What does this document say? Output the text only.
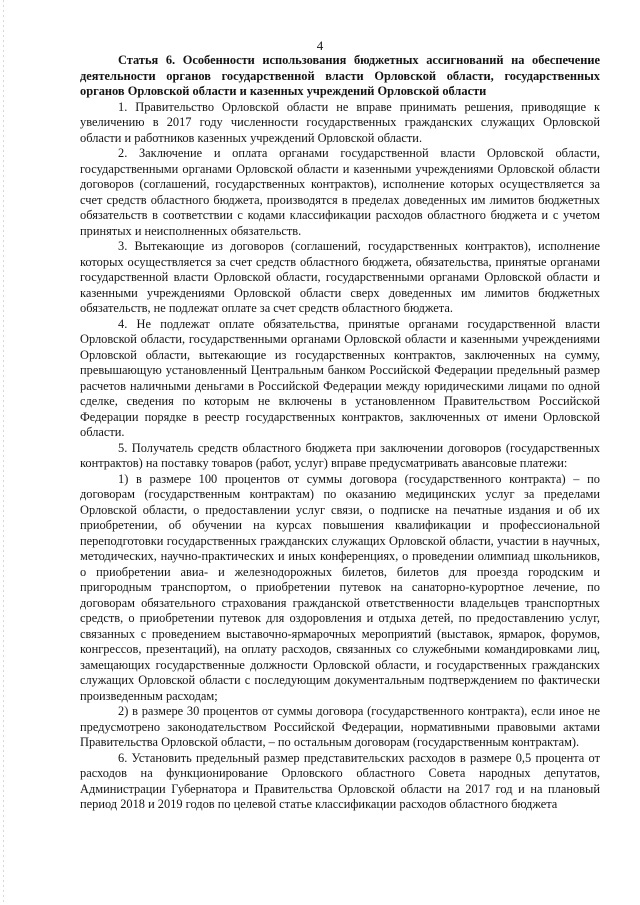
4

Статья 6. Особенности использования бюджетных ассигнований на обеспечение деятельности органов государственной власти Орловской области, государственных органов Орловской области и казенных учреждений Орловской области

1. Правительство Орловской области не вправе принимать решения, приводящие к увеличению в 2017 году численности государственных гражданских служащих Орловской области и работников казенных учреждений Орловской области.

2. Заключение и оплата органами государственной власти Орловской области, государственными органами Орловской области и казенными учреждениями Орловской области договоров (соглашений, государственных контрактов), исполнение которых осуществляется за счет средств областного бюджета, производятся в пределах доведенных им лимитов бюджетных обязательств в соответствии с кодами классификации расходов областного бюджета и с учетом принятых и неисполненных обязательств.

3. Вытекающие из договоров (соглашений, государственных контрактов), исполнение которых осуществляется за счет средств областного бюджета, обязательства, принятые органами государственной власти Орловской области, государственными органами Орловской области и казенными учреждениями Орловской области сверх доведенных им лимитов бюджетных обязательств, не подлежат оплате за счет средств областного бюджета.

4. Не подлежат оплате обязательства, принятые органами государственной власти Орловской области, государственными органами Орловской области и казенными учреждениями Орловской области, вытекающие из государственных контрактов, заключенных на сумму, превышающую установленный Центральным банком Российской Федерации предельный размер расчетов наличными деньгами в Российской Федерации между юридическими лицами по одной сделке, сведения по которым не включены в установленном Правительством Российской Федерации порядке в реестр государственных контрактов, заключенных от имени Орловской области.

5. Получатель средств областного бюджета при заключении договоров (государственных контрактов) на поставку товаров (работ, услуг) вправе предусматривать авансовые платежи:

1) в размере 100 процентов от суммы договора (государственного контракта) – по договорам (государственным контрактам) по оказанию медицинских услуг за пределами Орловской области, о предоставлении услуг связи, о подписке на печатные издания и об их приобретении, об обучении на курсах повышения квалификации и профессиональной переподготовки государственных гражданских служащих Орловской области, участии в научных, методических, научно-практических и иных конференциях, о проведении олимпиад школьников, о приобретении авиа- и железнодорожных билетов, билетов для проезда городским и пригородным транспортом, о приобретении путевок на санаторно-курортное лечение, по договорам обязательного страхования гражданской ответственности владельцев транспортных средств, о приобретении путевок для оздоровления и отдыха детей, по предоставлению услуг, связанных с проведением выставочно-ярмарочных мероприятий (выставок, ярмарок, форумов, конгрессов, презентаций), на оплату расходов, связанных со служебными командировками лиц, замещающих государственные должности Орловской области, и государственных гражданских служащих Орловской области с последующим документальным подтверждением по фактически произведенным расходам;

2) в размере 30 процентов от суммы договора (государственного контракта), если иное не предусмотрено законодательством Российской Федерации, нормативными правовыми актами Правительства Орловской области, – по остальным договорам (государственным контрактам).

6. Установить предельный размер представительских расходов в размере 0,5 процента от расходов на функционирование Орловского областного Совета народных депутатов, Администрации Губернатора и Правительства Орловской области на 2017 год и на плановый период 2018 и 2019 годов по целевой статье классификации расходов областного бюджета
